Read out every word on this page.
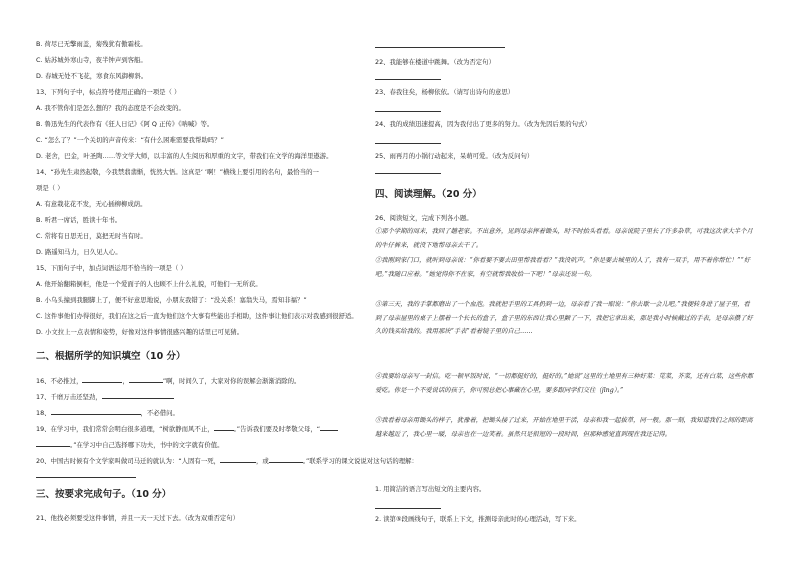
B. 荷尽已无擎雨盖，菊残犹有傲霜枝。
C. 姑苏城外寒山寺，夜半钟声到客船。
D. 春城无处不飞花，寒食东风御柳斜。
13、下列句子中，标点符号使用正确的一项是（ ）
A. 我不管你们是怎么想的？我的态度是不会改变的。
B. 鲁迅先生的代表作有《狂人日记》《阿 Q 正传》《呐喊》等。
C. “怎么了？”一个关切的声音传来：“有什么困难需要我帮助吗？”
D. 老舍，巴金，叶圣陶……等文学大师，以丰富的人生阅历和厚重的文字，带我们在文学的海洋里遨游。
14、“孙先生肃然起敬，今我禁翡翡惭，恍然大悟。这真是‘ ’啊！”横线上要引用的名句，最恰当的一
项是（ ）
A. 有意栽花花不发，无心插柳柳成荫。
B. 听君一席话，胜读十年书。
C. 常将有日思无日，莫把无时当有时。
D. 路遥知马力，日久见人心。
15、下面句子中，加点词语运用不恰当的一项是（ ）
A. 他开始翻箱倒柜，他是一个爱面子的人也顾不上什么礼貌，可他们一无所获。
B. 小乌头撞到我腿脚上了，便不好意思地说，小朋友我错了：“没关系！塞翁失马，焉知非福？”
C. 这件事他们办得很好，我们在这之后一直为他们这个大事有些能出手相助，这件事让他们表示对我感到很舒适。
D. 小文拉上一点表情和姿势，好像对这件事情很感兴趣的话里已可见猜。
二、根据所学的知识填空（10 分）
16、不必推过，	，	”啊，时间久了，大家对你的误解会渐渐消除的。
17、千磨万击还坚劲，
18、	，不必借问。
19、在学习中，我们常常会明白很多道理，“树欲静而风不止，	。”告诉我们要及时孝敬父母，“
。”在学习中自己选择哪下功夫，书中的文字就有价值。
20、中国古时候有个文学家叫做司马迁的就认为：“人固有一死，	，或	。”联系学习的课文说说对这句话的理解：
三、按要求完成句子。（10 分）
21、他找必须要受这件事情，并且一天一天过下去。（改为双重否定句）
22、我能够在楼道中跳舞。（改为否定句）
23、春我往矣，杨柳依依。（请写出诗句的意思）
24、我的成绩迅速提高，因为我付出了更多的努力。（改为先因后果的句式）
25、雨再月的小锅行动起来，呆萌可爱。（改为反问句）
四、阅读理解。（20 分）
26、阅读短文，完成下列各小题。
①那个学期的周末，我回了趟老家。不出意外，见到母亲挥着锄头，时不时抬头看看。母亲说院子里长了许多杂草，可我这次拿大半个月的牛仔裤来，就没下地帮母亲去干了。
②我刚到家门口，就听到母亲说：“你看要不要去田里帮我看看？”我没吭声。“你是要去城里的人了，我有一双手，用不着你帮忙！”“好吧。”我随口应着。“她觉得你不在家，有空就帮我收拾一下吧！”母亲还说一句。
③第三天，我的手掌都磨出了一个血泡。我就把手里的工具扔到一边，母亲看了我一眼说：“你去歇一会儿吧。”我便转身进了屋子里，看到了母亲屋里的桌子上摆着一个长长的盒子，盒子里的东西让我心里颤了一下，我把它拿出来，那是我小时候戴过的手表，是母亲攒了好久的钱买给我的。我用那块“手表”看着镜子里的自己……
④我要给母亲写一封信。吃一顿早饭时说，“一切都挺好的，挺好的。”她说“这里的土地里有三种好菜：苋菜，芥菜，还有白菜，这些你都爱吃。你是一个不爱说话的孩子，你可别总把心事藏在心里，要多跟同学们交往（jīng）。”
⑤我看着母亲用锄头的样子，犹豫着，把锄头接了过来，开始在地里干活，母亲和我一起拔草，同一般。那一刻，我知道我们之间的距离越来越近了，我心里一暖，母亲也在一边笑着。虽然只是很短的一段时间，但那种感觉直到现在我还记得。
1. 用简洁的语言写出短文的主要内容。
2. 读第⑤段画线句子，联系上下文，推测母亲此时的心理活动，写下来。
